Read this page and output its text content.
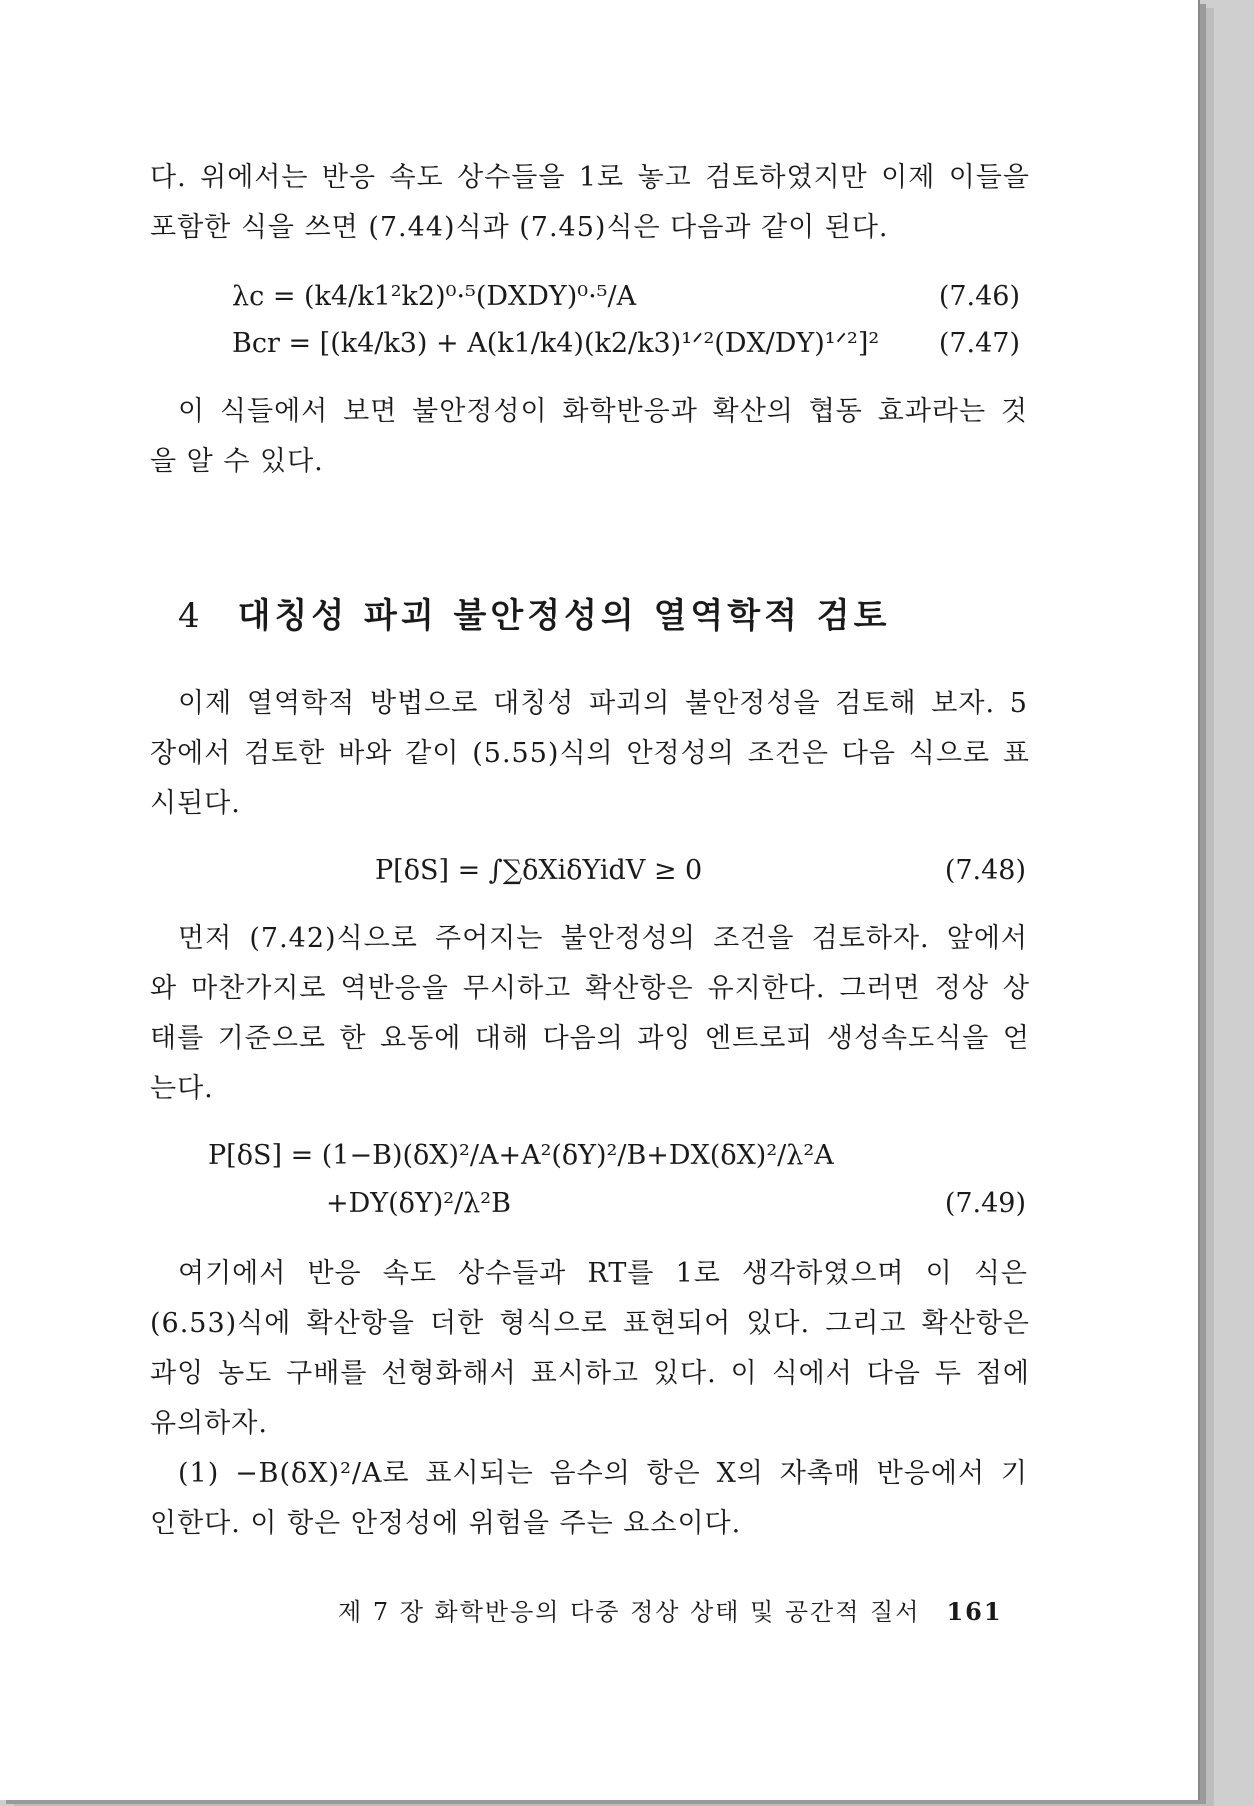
다. 위에서는 반응 속도 상수들을 1로 놓고 검토하였지만 이제 이들을
포함한 식을 쓰면 (7.44)식과 (7.45)식은 다음과 같이 된다.
λc = (k4/k1²k2)⁰·⁵(DXDY)⁰·⁵/A	(7.46)
Bcr = [(k4/k3) + A(k1/k4)(k2/k3)¹ᐟ²(DX/DY)¹ᐟ²]²	(7.47)
이 식들에서 보면 불안정성이 화학반응과 확산의 협동 효과라는 것
을 알 수 있다.
4 대칭성 파괴 불안정성의 열역학적 검토
이제 열역학적 방법으로 대칭성 파괴의 불안정성을 검토해 보자. 5
장에서 검토한 바와 같이 (5.55)식의 안정성의 조건은 다음 식으로 표
시된다.
P[δS] = ∫∑δXiδYidV ≥ 0	(7.48)
먼저 (7.42)식으로 주어지는 불안정성의 조건을 검토하자. 앞에서
와 마찬가지로 역반응을 무시하고 확산항은 유지한다. 그러면 정상 상
태를 기준으로 한 요동에 대해 다음의 과잉 엔트로피 생성속도식을 얻
는다.
P[δS] = (1−B)(δX)²/A+A²(δY)²/B+DX(δX)²/λ²A
+DY(δY)²/λ²B	(7.49)
여기에서 반응 속도 상수들과 RT를 1로 생각하였으며 이 식은
(6.53)식에 확산항을 더한 형식으로 표현되어 있다. 그리고 확산항은
과잉 농도 구배를 선형화해서 표시하고 있다. 이 식에서 다음 두 점에
유의하자.
(1) −B(δX)²/A로 표시되는 음수의 항은 X의 자촉매 반응에서 기
인한다. 이 항은 안정성에 위험을 주는 요소이다.
제 7 장 화학반응의 다중 정상 상태 및 공간적 질서 161
